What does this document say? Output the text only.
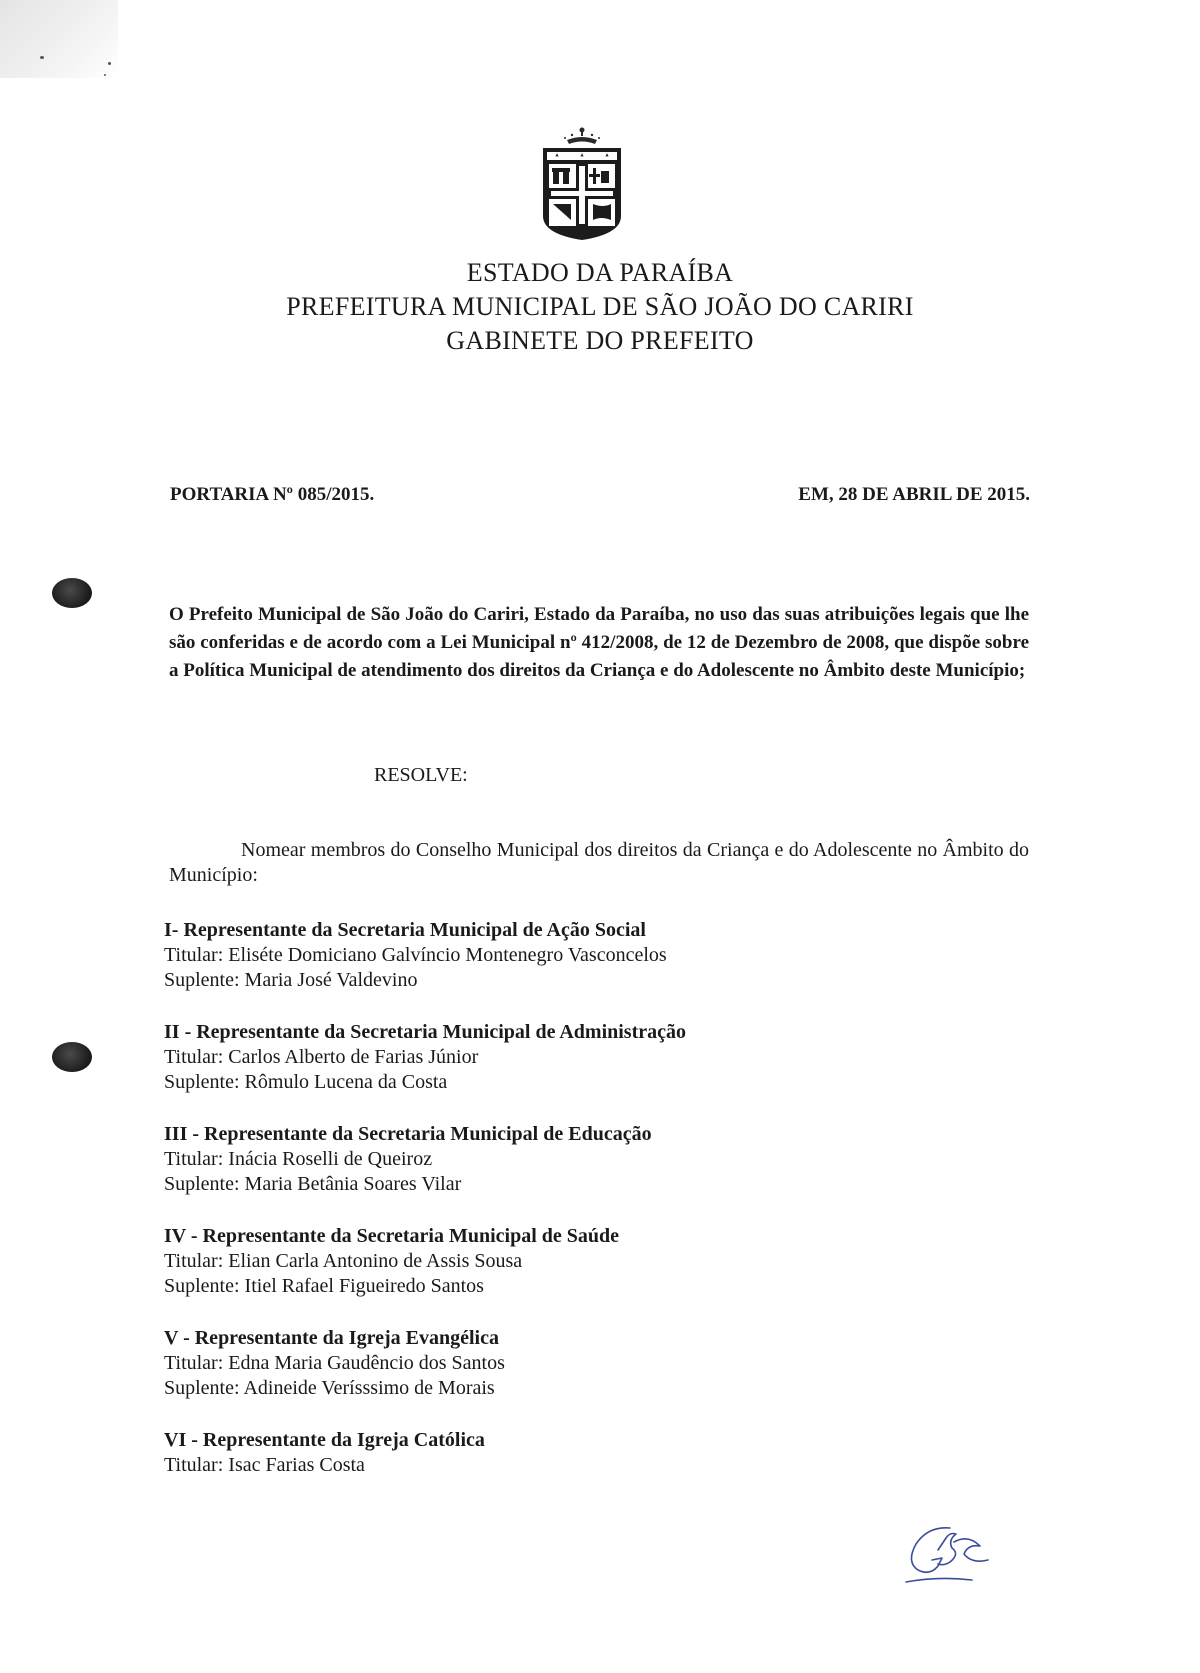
ESTADO DA PARAÍBA
PREFEITURA MUNICIPAL DE SÃO JOÃO DO CARIRI
GABINETE DO PREFEITO
PORTARIA Nº 085/2015.	EM, 28 DE ABRIL DE 2015.
O Prefeito Municipal de São João do Cariri, Estado da Paraíba, no uso das suas atribuições legais que lhe são conferidas e de acordo com a Lei Municipal nº 412/2008, de 12 de Dezembro de 2008, que dispõe sobre a Política Municipal de atendimento dos direitos da Criança e do Adolescente no Âmbito deste Município;
RESOLVE:
Nomear membros do Conselho Municipal dos direitos da Criança e do Adolescente no Âmbito do Município:
I- Representante da Secretaria Municipal de Ação Social
Titular: Eliséte Domiciano Galvíncio Montenegro Vasconcelos
Suplente: Maria José Valdevino
II - Representante da Secretaria Municipal de Administração
Titular: Carlos Alberto de Farias Júnior
Suplente: Rômulo Lucena da Costa
III - Representante da Secretaria Municipal de Educação
Titular: Inácia Roselli de Queiroz
Suplente: Maria Betânia Soares Vilar
IV - Representante da Secretaria Municipal de Saúde
Titular: Elian Carla Antonino de Assis Sousa
Suplente: Itiel Rafael Figueiredo Santos
V - Representante da Igreja Evangélica
Titular: Edna Maria Gaudêncio dos Santos
Suplente: Adineide Verísssimo de Morais
VI - Representante da Igreja Católica
Titular: Isac Farias Costa
